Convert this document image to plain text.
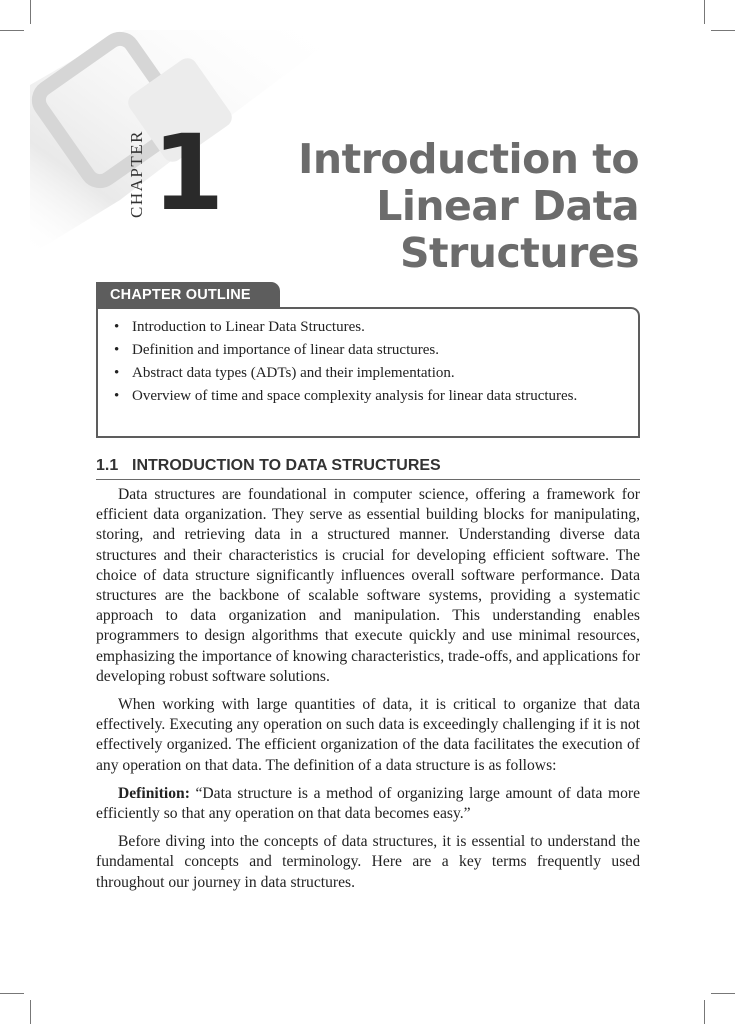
CHAPTER 1	Introduction to
Linear Data
Structures
CHAPTER OUTLINE
• Introduction to Linear Data Structures.
• Definition and importance of linear data structures.
• Abstract data types (ADTs) and their implementation.
• Overview of time and space complexity analysis for linear data structures.
1.1 INTRODUCTION TO DATA STRUCTURES

Data structures are foundational in computer science, offering a framework for efficient data organization. They serve as essential building blocks for manipulating, storing, and retrieving data in a structured manner. Understanding diverse data structures and their characteristics is crucial for developing efficient software. The choice of data structure significantly influences overall software performance. Data structures are the backbone of scalable software systems, providing a systematic approach to data organization and manipulation. This understanding enables programmers to design algorithms that execute quickly and use minimal resources, emphasizing the importance of knowing characteristics, trade-offs, and applications for developing robust software solutions.

When working with large quantities of data, it is critical to organize that data effectively. Executing any operation on such data is exceedingly challenging if it is not effectively organized. The efficient organization of the data facilitates the execution of any operation on that data. The definition of a data structure is as follows:

Definition: “Data structure is a method of organizing large amount of data more efficiently so that any operation on that data becomes easy.”

Before diving into the concepts of data structures, it is essential to understand the fundamental concepts and terminology. Here are a key terms frequently used throughout our journey in data structures.
